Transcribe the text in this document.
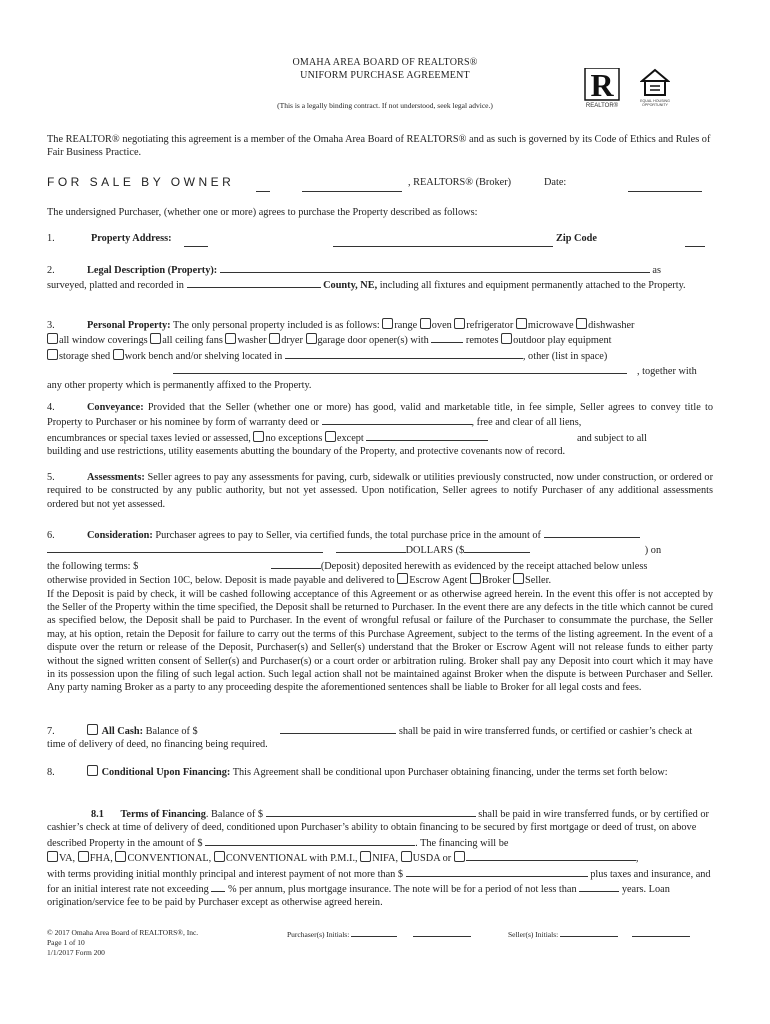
OMAHA AREA BOARD OF REALTORS®
UNIFORM PURCHASE AGREEMENT
(This is a legally binding contract. If not understood, seek legal advice.)
R
REALTOR®
EQUAL HOUSING
OPPORTUNITY
The REALTOR® negotiating this agreement is a member of the Omaha Area Board of REALTORS® and as such is governed by its Code of Ethics and Rules of Fair Business Practice.
FOR SALE BY OWNER	, REALTORS® (Broker)	Date:
The undersigned Purchaser, (whether one or more) agrees to purchase the Property described as follows:
1.	Property Address:	Zip Code

2.	Legal Description (Property):	as

surveyed, platted and recorded in	County, NE, including all fixtures and equipment permanently attached to the Property.

3.	Personal Property: The only personal property included is as follows: range oven refrigerator microwave dishwasher

all window coverings all ceiling fans washer dryer garage door opener(s) with	remotes outdoor play equipment

storage shed work bench and/or shelving located in	, other (list in space)

, together with

any other property which is permanently affixed to the Property.

4.	Conveyance: Provided that the Seller (whether one or more) has good, valid and marketable title, in fee simple, Seller agrees to convey title to Property to Purchaser or his nominee by form of warranty deed or	, free and clear of all liens,

encumbrances or special taxes levied or assessed, no exceptions except	and subject to all

building and use restrictions, utility easements abutting the boundary of the Property, and protective covenants now of record.

5.	Assessments: Seller agrees to pay any assessments for paving, curb, sidewalk or utilities previously constructed, now under construction, or ordered or required to be constructed by any public authority, but not yet assessed. Upon notification, Seller agrees to notify Purchaser of any additional assessments ordered but not yet assessed.

6.	Consideration: Purchaser agrees to pay to Seller, via certified funds, the total purchase price in the amount of

DOLLARS ($	) on

the following terms: $	(Deposit) deposited herewith as evidenced by the receipt attached below unless

otherwise provided in Section 10C, below. Deposit is made payable and delivered to Escrow Agent Broker Seller.

If the Deposit is paid by check, it will be cashed following acceptance of this Agreement or as otherwise agreed herein. In the event this offer is not accepted by the Seller of the Property within the time specified, the Deposit shall be returned to Purchaser. In the event there are any defects in the title which cannot be cured as specified below, the Deposit shall be paid to Purchaser. In the event of wrongful refusal or failure of the Purchaser to consummate the purchase, the Seller may, at his option, retain the Deposit for failure to carry out the terms of this Purchase Agreement, subject to the terms of the listing agreement. In the event of a dispute over the return or release of the Deposit, Purchaser(s) and Seller(s) understand that the Broker or Escrow Agent will not release funds to either party without the signed written consent of Seller(s) and Purchaser(s) or a court order or arbitration ruling. Broker shall pay any Deposit into court which it may have in its possession upon the filing of such legal action. Such legal action shall not be maintained against Broker when the dispute is between Purchaser and Seller. Any party naming Broker as a party to any proceeding despite the aforementioned sentences shall be liable to Broker for all legal costs and fees.

7.	All Cash: Balance of $	shall be paid in wire transferred funds, or certified or cashier’s check at time of delivery of deed, no financing being required.

8.	Conditional Upon Financing: This Agreement shall be conditional upon Purchaser obtaining financing, under the terms set forth below:

8.1 Terms of Financing. Balance of $	shall be paid in wire transferred funds, or by certified or cashier’s check at time of delivery of deed, conditioned upon Purchaser’s ability to obtain financing to be secured by first mortgage or deed of trust, on above described Property in the amount of $	. The financing will be

VA, FHA, CONVENTIONAL, CONVENTIONAL with P.M.I., NIFA, USDA or	,

with terms providing initial monthly principal and interest payment of not more than $	plus taxes and insurance, and for an initial interest rate not exceeding % per annum, plus mortgage insurance. The note will be for a period of not less than	years. Loan origination/service fee to be paid by Purchaser except as otherwise agreed herein.

© 2017 Omaha Area Board of REALTORS®, Inc.
Page 1 of 10
1/1/2017 Form 200
Purchaser(s) Initials:	Seller(s) Initials:
